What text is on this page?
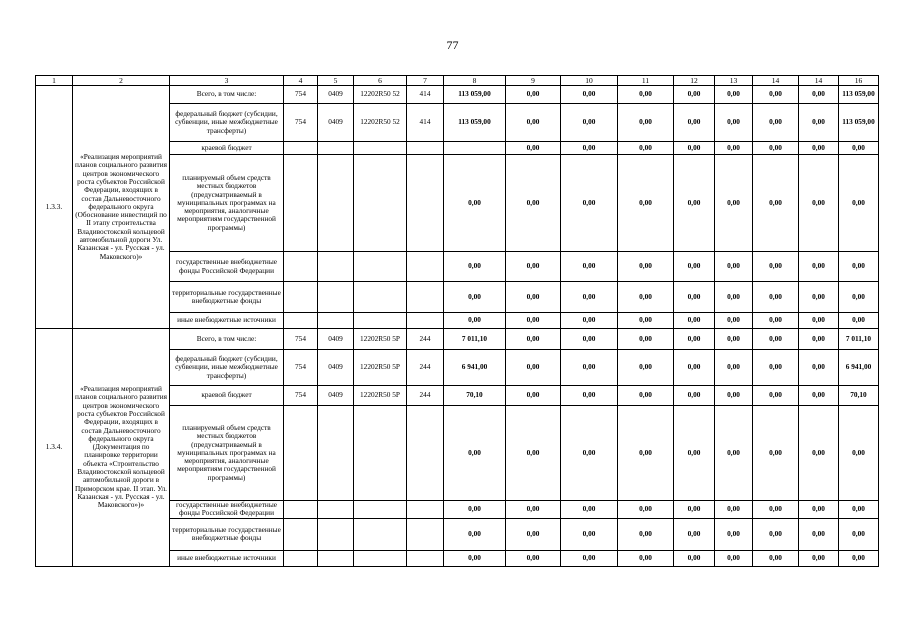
77
1	2	3	4	5	6	7	8	9	10	11	12	13	14	14	16
1.3.3.	«Реализация мероприятий планов социального развития центров экономического роста субъектов Российской Федерации, входящих в состав Дальневосточного федерального округа (Обоснование инвестиций по II этапу строительства Владивостокской кольцевой автомобильной дороги Ул. Казанская - ул. Русская - ул. Маковского)»	Всего, в том числе:	754	0409	12202R50 52	414	113 059,00	0,00	0,00	0,00	0,00	0,00	0,00	0,00	113 059,00
		федеральный бюджет (субсидии, субвенции, иные межбюджетные трансферты)	754	0409	12202R50 52	414	113 059,00	0,00	0,00	0,00	0,00	0,00	0,00	0,00	113 059,00
		краевой бюджет						0,00	0,00	0,00	0,00	0,00	0,00	0,00	0,00
		планируемый объем средств местных бюджетов (предусматриваемый в муниципальных программах на мероприятия, аналогичные мероприятиям государственной программы)					0,00	0,00	0,00	0,00	0,00	0,00	0,00	0,00	0,00
		государственные внебюджетные фонды Российской Федерации					0,00	0,00	0,00	0,00	0,00	0,00	0,00	0,00	0,00
		территориальные государственные внебюджетные фонды					0,00	0,00	0,00	0,00	0,00	0,00	0,00	0,00	0,00
		иные внебюджетные источники					0,00	0,00	0,00	0,00	0,00	0,00	0,00	0,00	0,00
1.3.4.	«Реализация мероприятий планов социального развития центров экономического роста субъектов Российской Федерации, входящих в состав Дальневосточного федерального округа (Документация по планировке территории объекта «Строительство Владивостокской кольцевой автомобильной дороги в Приморском крае. II этап. Ул. Казанская - ул. Русская - ул. Маковского»)»	Всего, в том числе:	754	0409	12202R50 5P	244	7 011,10	0,00	0,00	0,00	0,00	0,00	0,00	0,00	7 011,10
		федеральный бюджет (субсидии, субвенции, иные межбюджетные трансферты)	754	0409	12202R50 5P	244	6 941,00	0,00	0,00	0,00	0,00	0,00	0,00	0,00	6 941,00
		краевой бюджет	754	0409	12202R50 5P	244	70,10	0,00	0,00	0,00	0,00	0,00	0,00	0,00	70,10
		планируемый объем средств местных бюджетов (предусматриваемый в муниципальных программах на мероприятия, аналогичные мероприятиям государственной программы)					0,00	0,00	0,00	0,00	0,00	0,00	0,00	0,00	0,00
		государственные внебюджетные фонды Российской Федерации					0,00	0,00	0,00	0,00	0,00	0,00	0,00	0,00	0,00
		территориальные государственные внебюджетные фонды					0,00	0,00	0,00	0,00	0,00	0,00	0,00	0,00	0,00
		иные внебюджетные источники					0,00	0,00	0,00	0,00	0,00	0,00	0,00	0,00	0,00
